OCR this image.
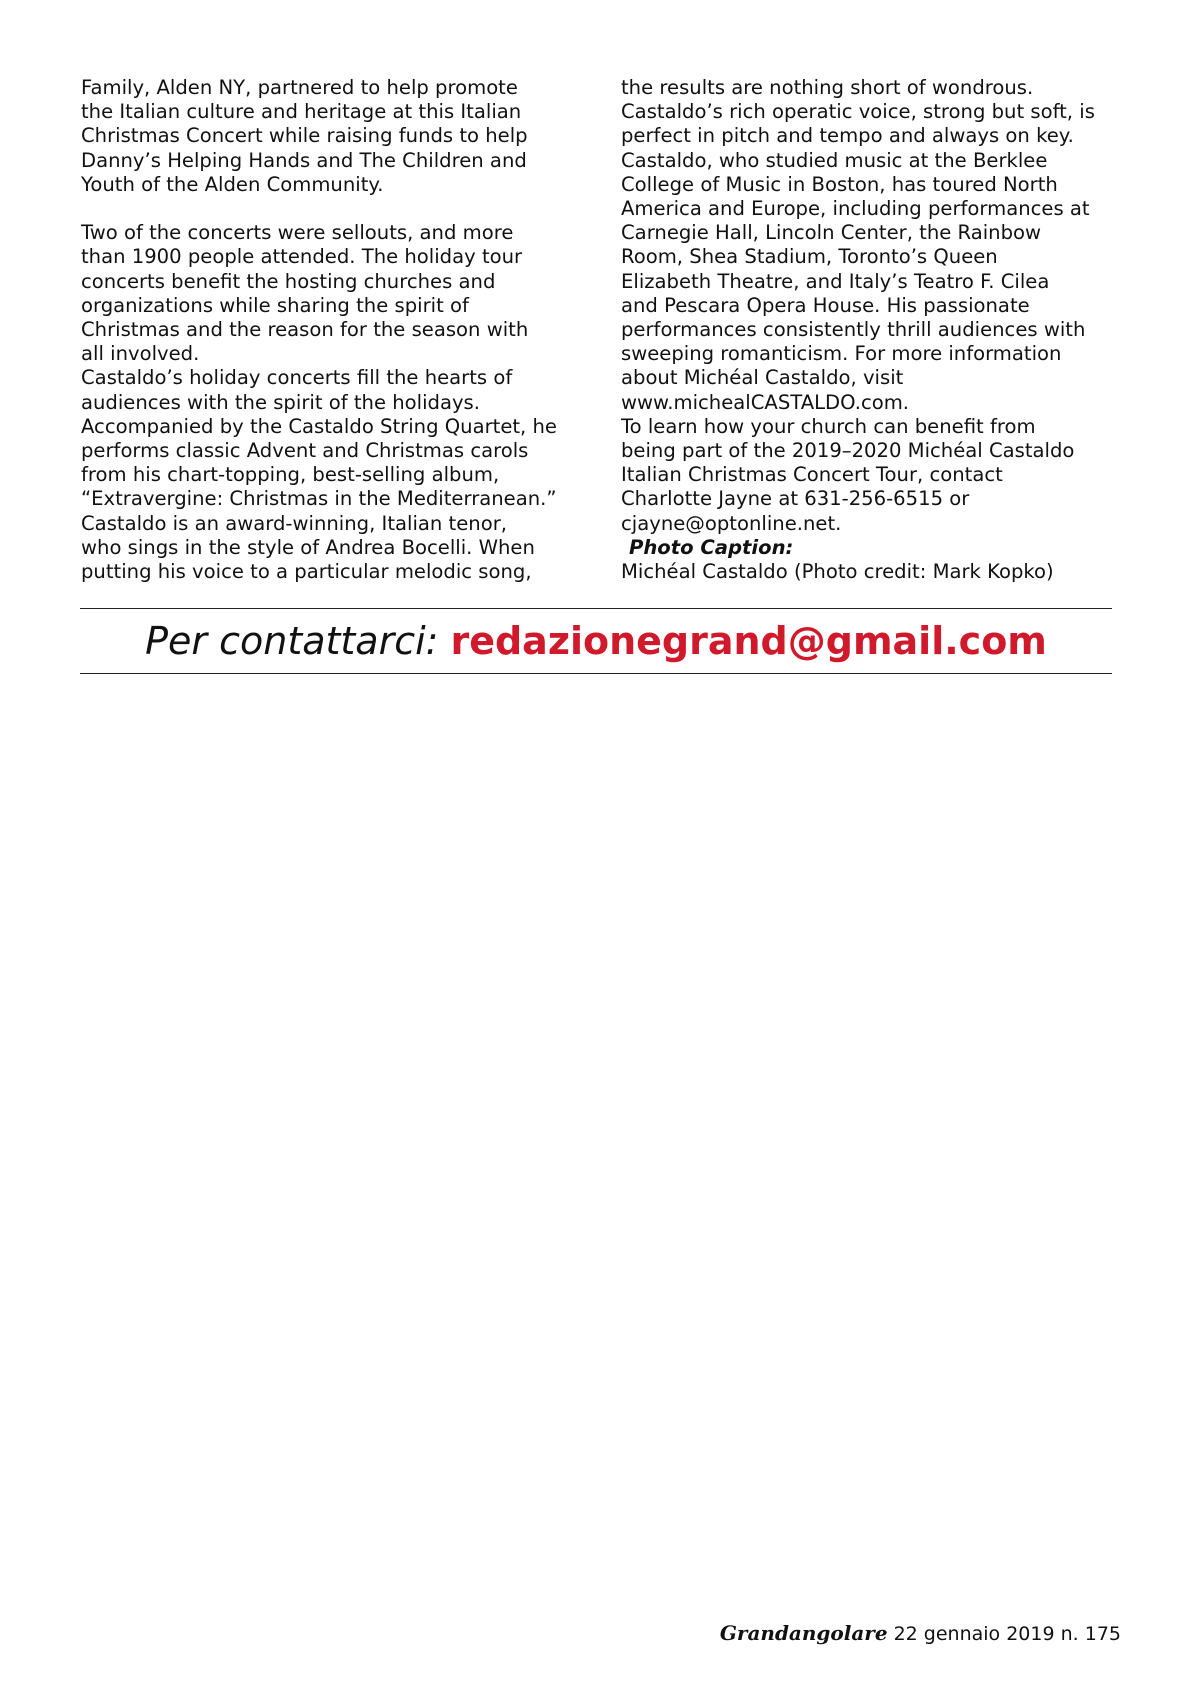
Family, Alden NY, partnered to help promote

the Italian culture and heritage at this Italian

Christmas Concert while raising funds to help

Danny’s Helping Hands and The Children and

Youth of the Alden Community.

Two of the concerts were sellouts, and more

than 1900 people attended. The holiday tour

concerts benefit the hosting churches and

organizations while sharing the spirit of

Christmas and the reason for the season with

all involved.

Castaldo’s holiday concerts fill the hearts of

audiences with the spirit of the holidays.

Accompanied by the Castaldo String Quartet, he

performs classic Advent and Christmas carols

from his chart-topping, best-selling album,

“Extravergine: Christmas in the Mediterranean.”

Castaldo is an award-winning, Italian tenor,

who sings in the style of Andrea Bocelli. When

putting his voice to a particular melodic song,

the results are nothing short of wondrous.

Castaldo’s rich operatic voice, strong but soft, is

perfect in pitch and tempo and always on key.

Castaldo, who studied music at the Berklee

College of Music in Boston, has toured North

America and Europe, including performances at

Carnegie Hall, Lincoln Center, the Rainbow

Room, Shea Stadium, Toronto’s Queen

Elizabeth Theatre, and Italy’s Teatro F. Cilea

and Pescara Opera House. His passionate

performances consistently thrill audiences with

sweeping romanticism. For more information

about Michéal Castaldo, visit

www.michealCASTALDO.com.

To learn how your church can benefit from

being part of the 2019–2020 Michéal Castaldo

Italian Christmas Concert Tour, contact

Charlotte Jayne at 631-256-6515 or

cjayne@optonline.net.

Photo Caption:

Michéal Castaldo (Photo credit: Mark Kopko)

Per contattarci: redazionegrand@gmail.com
Grandangolare 22 gennaio 2019 n. 175
